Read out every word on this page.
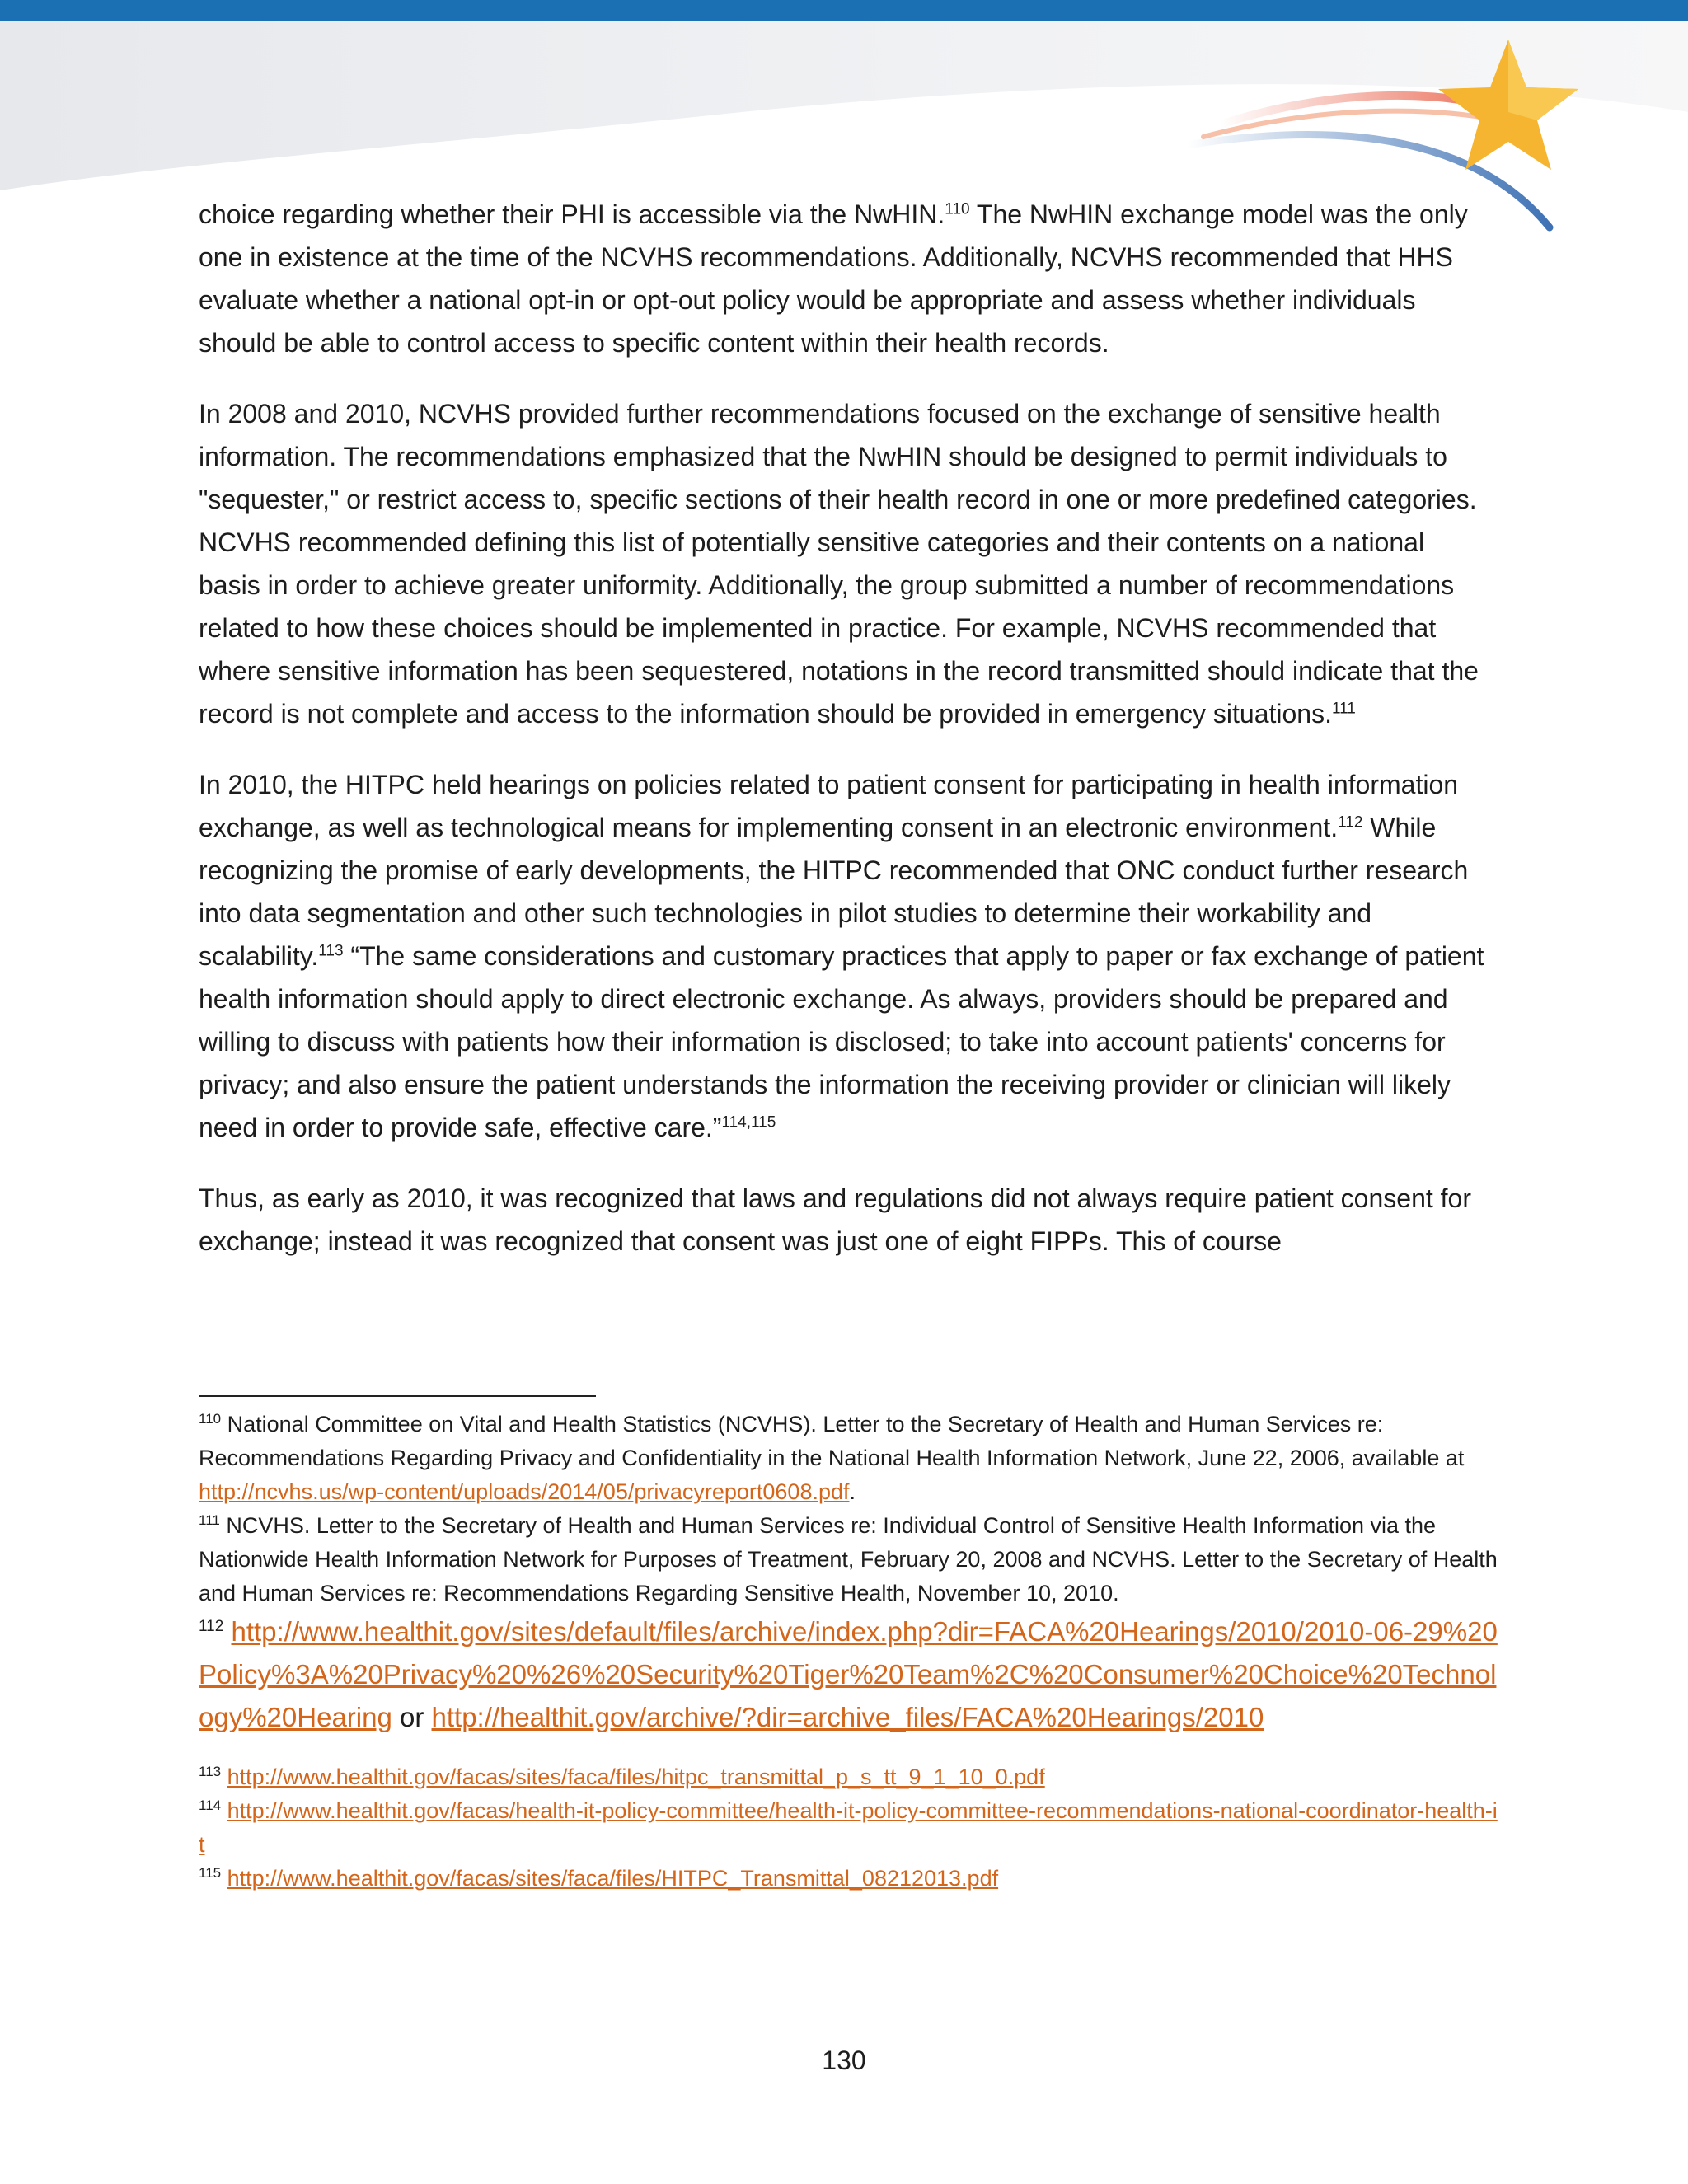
choice regarding whether their PHI is accessible via the NwHIN.$^{110}$ The NwHIN exchange model was the only one in existence at the time of the NCVHS recommendations. Additionally, NCVHS recommended that HHS evaluate whether a national opt-in or opt-out policy would be appropriate and assess whether individuals should be able to control access to specific content within their health records.

In 2008 and 2010, NCVHS provided further recommendations focused on the exchange of sensitive health information. The recommendations emphasized that the NwHIN should be designed to permit individuals to "sequester," or restrict access to, specific sections of their health record in one or more predefined categories. NCVHS recommended defining this list of potentially sensitive categories and their contents on a national basis in order to achieve greater uniformity. Additionally, the group submitted a number of recommendations related to how these choices should be implemented in practice. For example, NCVHS recommended that where sensitive information has been sequestered, notations in the record transmitted should indicate that the record is not complete and access to the information should be provided in emergency situations.$^{111}$

In 2010, the HITPC held hearings on policies related to patient consent for participating in health information exchange, as well as technological means for implementing consent in an electronic environment.$^{112}$ While recognizing the promise of early developments, the HITPC recommended that ONC conduct further research into data segmentation and other such technologies in pilot studies to determine their workability and scalability.$^{113}$ “The same considerations and customary practices that apply to paper or fax exchange of patient health information should apply to direct electronic exchange. As always, providers should be prepared and willing to discuss with patients how their information is disclosed; to take into account patients' concerns for privacy; and also ensure the patient understands the information the receiving provider or clinician will likely need in order to provide safe, effective care.”$^{114,115}$

Thus, as early as 2010, it was recognized that laws and regulations did not always require patient consent for exchange; instead it was recognized that consent was just one of eight FIPPs. This of course

$^{110}$ National Committee on Vital and Health Statistics (NCVHS). Letter to the Secretary of Health and Human Services re: Recommendations Regarding Privacy and Confidentiality in the National Health Information Network, June 22, 2006, available at http://ncvhs.us/wp-content/uploads/2014/05/privacyreport0608.pdf.

$^{111}$ NCVHS. Letter to the Secretary of Health and Human Services re: Individual Control of Sensitive Health Information via the Nationwide Health Information Network for Purposes of Treatment, February 20, 2008 and NCVHS. Letter to the Secretary of Health and Human Services re: Recommendations Regarding Sensitive Health, November 10, 2010.

$^{112}$ http://www.healthit.gov/sites/default/files/archive/index.php?dir=FACA%20Hearings/2010/2010-06-29%20Policy%3A%20Privacy%20%26%20Security%20Tiger%20Team%2C%20Consumer%20Choice%20Technology%20Hearing or http://healthit.gov/archive/?dir=archive_files/FACA%20Hearings/2010

$^{113}$ http://www.healthit.gov/facas/sites/faca/files/hitpc_transmittal_p_s_tt_9_1_10_0.pdf

$^{114}$ http://www.healthit.gov/facas/health-it-policy-committee/health-it-policy-committee-recommendations-national-coordinator-health-it

$^{115}$ http://www.healthit.gov/facas/sites/faca/files/HITPC_Transmittal_08212013.pdf

130
